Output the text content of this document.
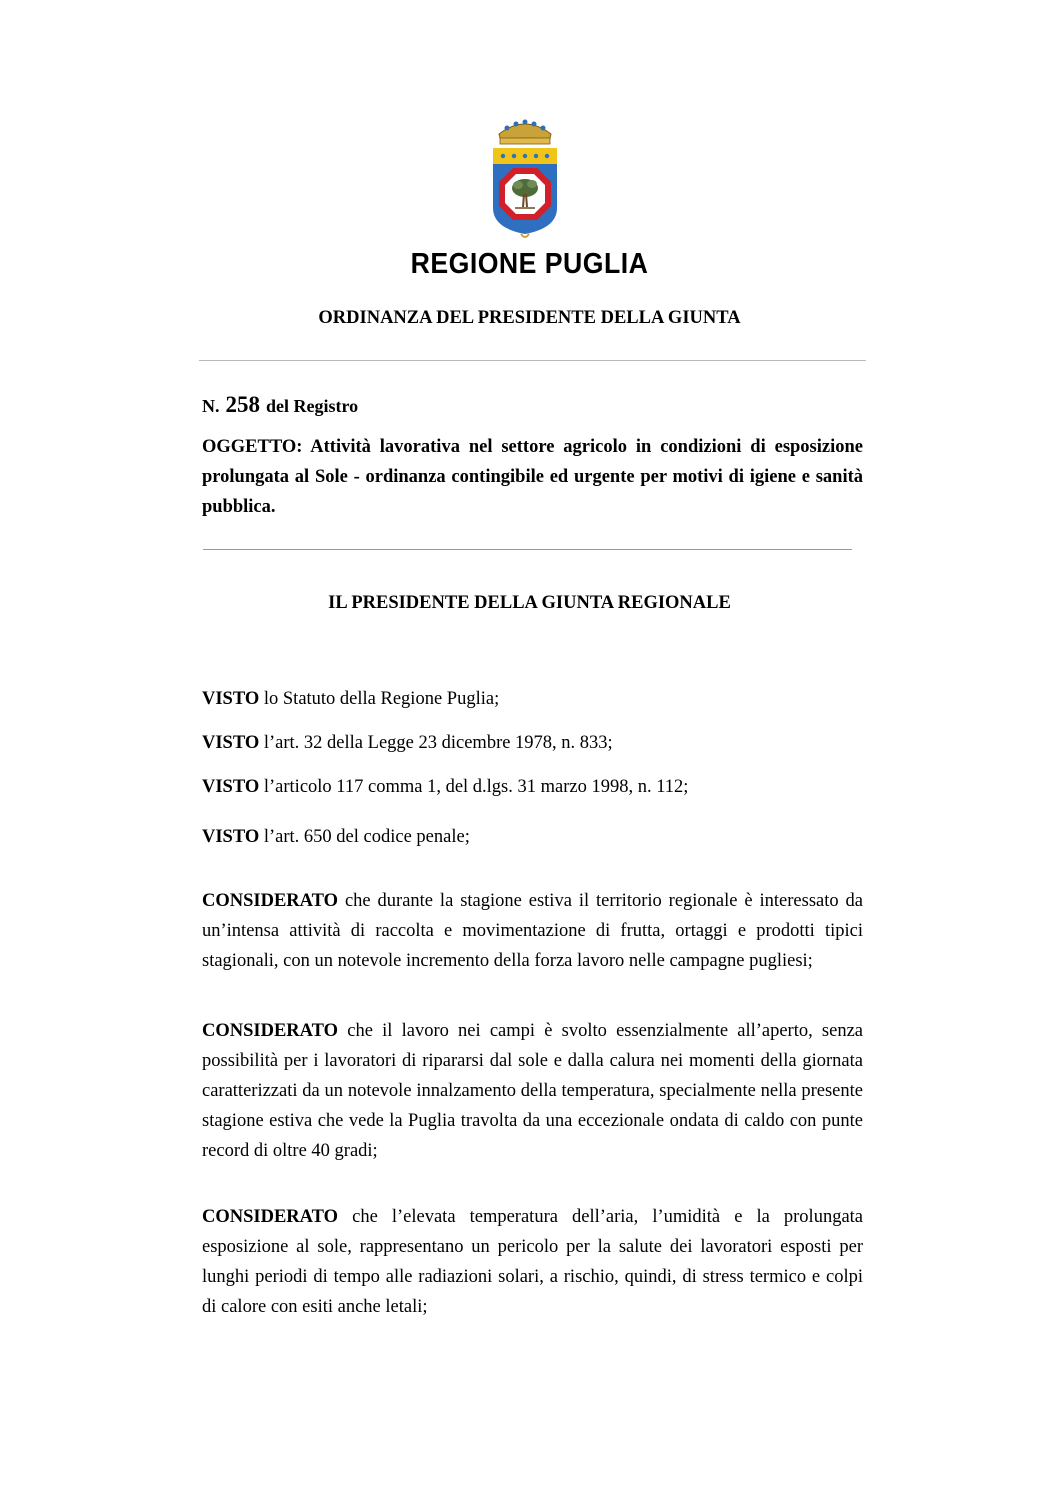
REGIONE PUGLIA
ORDINANZA DEL PRESIDENTE DELLA GIUNTA
N. 258 del Registro
OGGETTO: Attività lavorativa nel settore agricolo in condizioni di esposizione prolungata al Sole - ordinanza contingibile ed urgente per motivi di igiene e sanità pubblica.
IL PRESIDENTE DELLA GIUNTA REGIONALE
VISTO lo Statuto della Regione Puglia;
VISTO l’art. 32 della Legge 23 dicembre 1978, n. 833;
VISTO l’articolo 117 comma 1, del d.lgs. 31 marzo 1998, n. 112;
VISTO l’art. 650 del codice penale;
CONSIDERATO che durante la stagione estiva il territorio regionale è interessato da un’intensa attività di raccolta e movimentazione di frutta, ortaggi e prodotti tipici stagionali, con un notevole incremento della forza lavoro nelle campagne pugliesi;
CONSIDERATO che il lavoro nei campi è svolto essenzialmente all’aperto, senza possibilità per i lavoratori di ripararsi dal sole e dalla calura nei momenti della giornata caratterizzati da un notevole innalzamento della temperatura, specialmente nella presente stagione estiva che vede la Puglia travolta da una eccezionale ondata di caldo con punte record di oltre 40 gradi;
CONSIDERATO che l’elevata temperatura dell’aria, l’umidità e la prolungata esposizione al sole, rappresentano un pericolo per la salute dei lavoratori esposti per lunghi periodi di tempo alle radiazioni solari, a rischio, quindi, di stress termico e colpi di calore con esiti anche letali;
